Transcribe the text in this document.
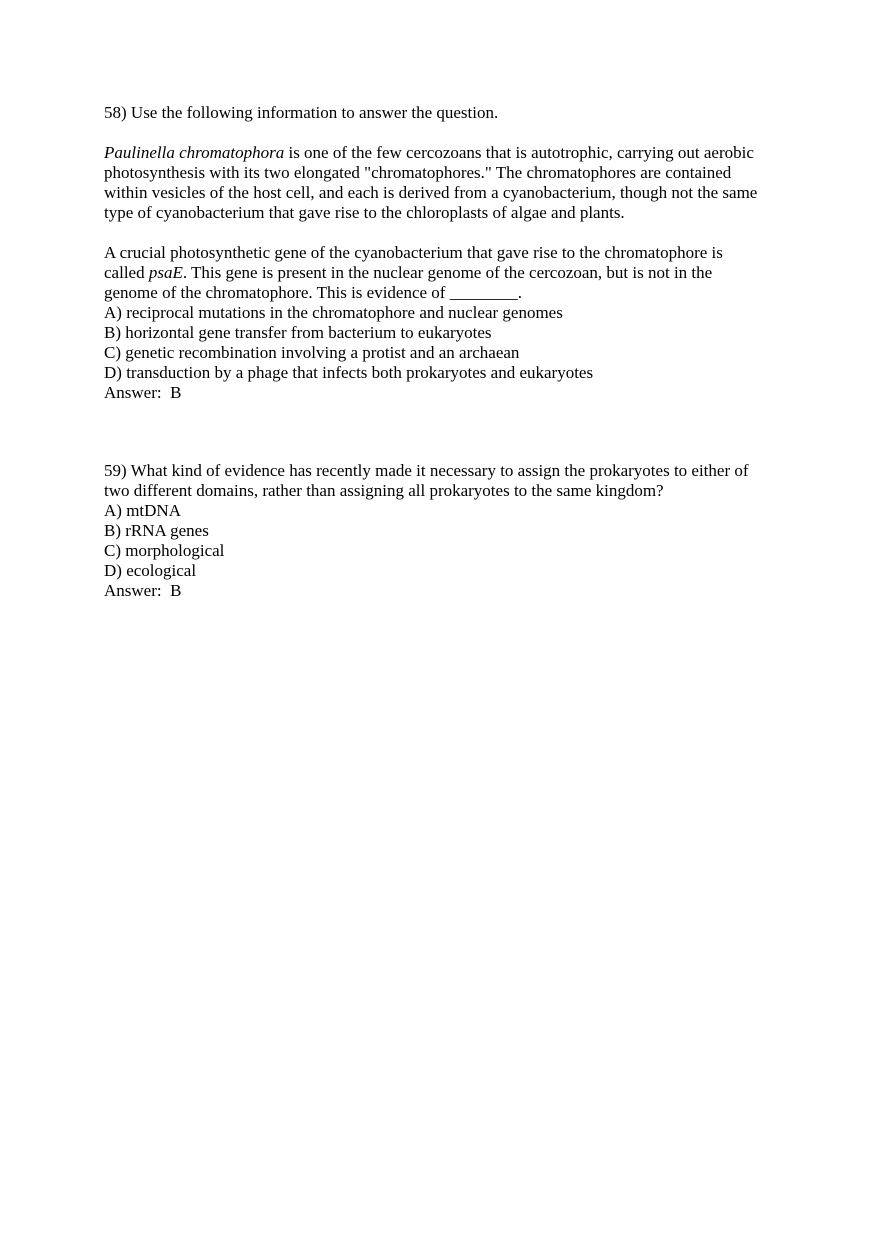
58) Use the following information to answer the question.
Paulinella chromatophora is one of the few cercozoans that is autotrophic, carrying out aerobic
photosynthesis with its two elongated "chromatophores." The chromatophores are contained
within vesicles of the host cell, and each is derived from a cyanobacterium, though not the same
type of cyanobacterium that gave rise to the chloroplasts of algae and plants.
A crucial photosynthetic gene of the cyanobacterium that gave rise to the chromatophore is
called psaE. This gene is present in the nuclear genome of the cercozoan, but is not in the
genome of the chromatophore. This is evidence of ________.
A) reciprocal mutations in the chromatophore and nuclear genomes
B) horizontal gene transfer from bacterium to eukaryotes
C) genetic recombination involving a protist and an archaean
D) transduction by a phage that infects both prokaryotes and eukaryotes
Answer:  B
59) What kind of evidence has recently made it necessary to assign the prokaryotes to either of
two different domains, rather than assigning all prokaryotes to the same kingdom?
A) mtDNA
B) rRNA genes
C) morphological
D) ecological
Answer:  B
